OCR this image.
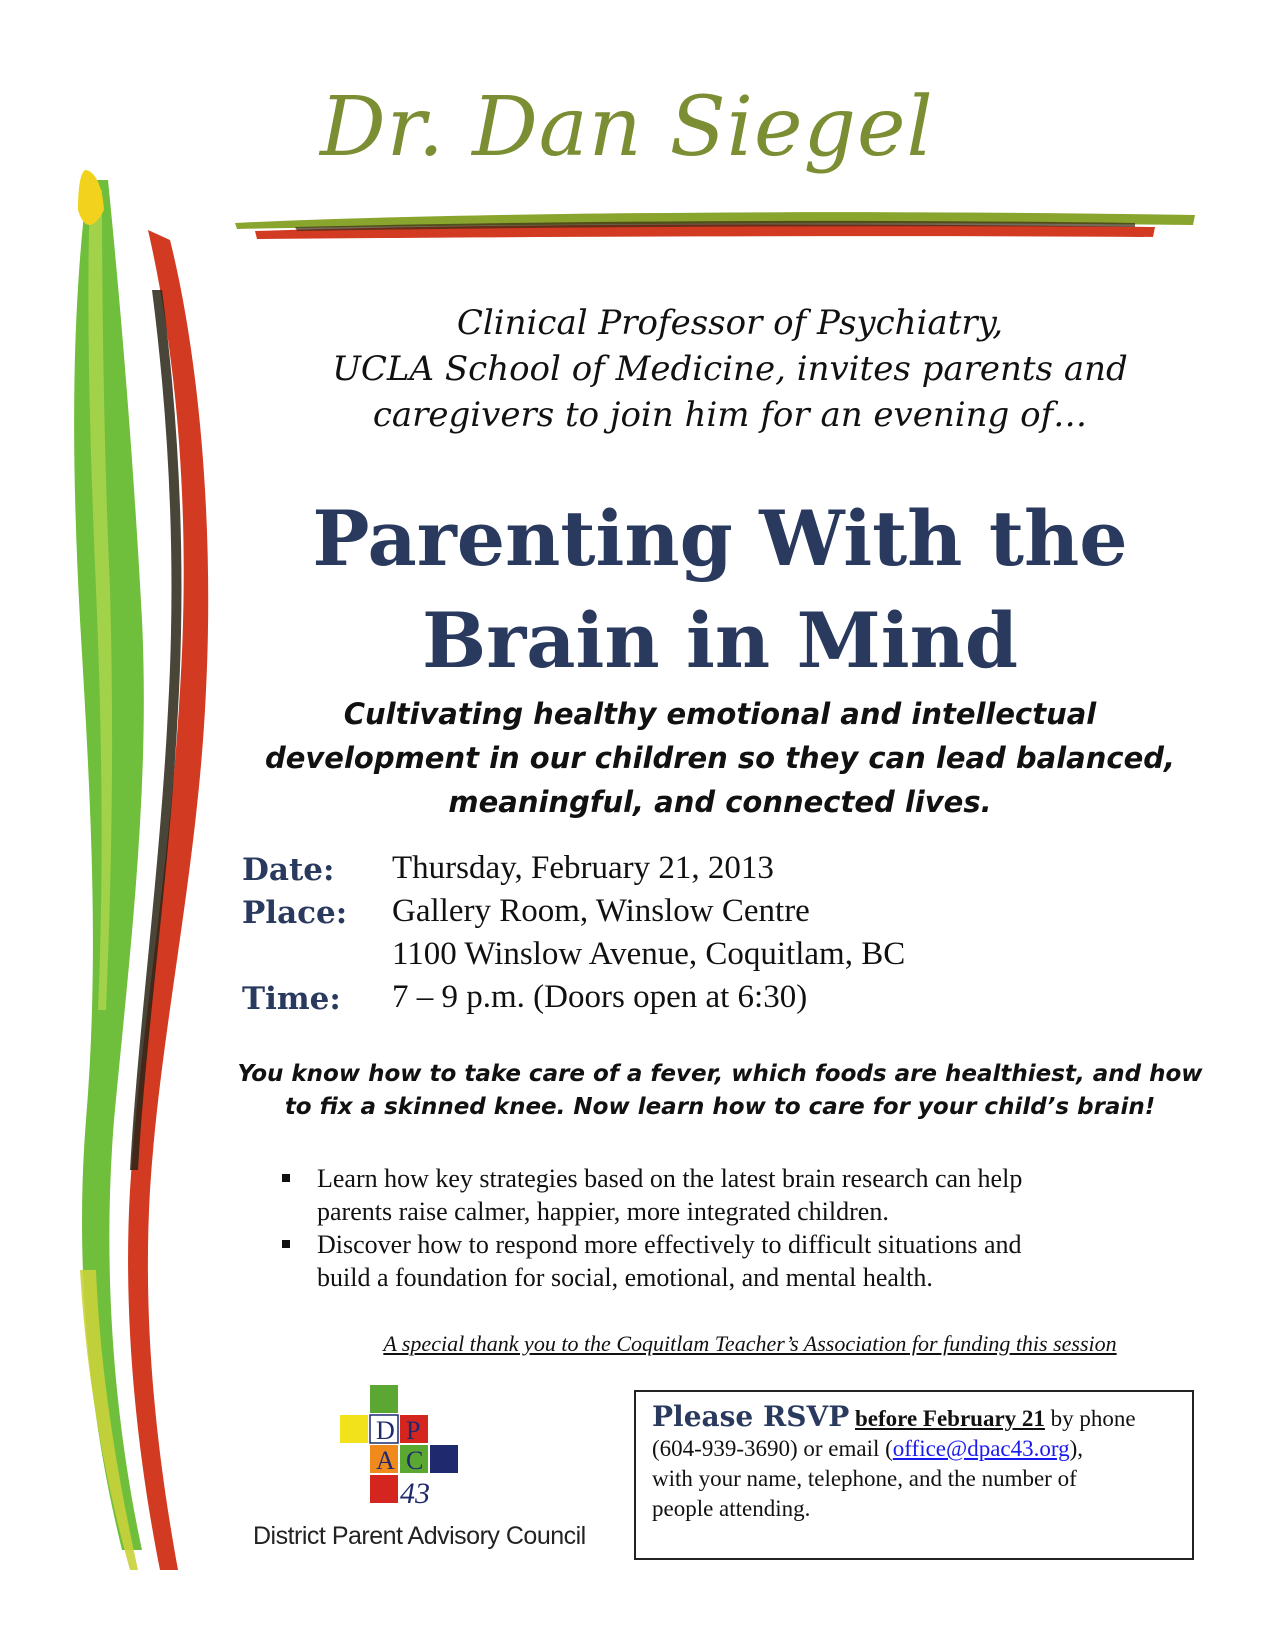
Dr. Dan Siegel
Clinical Professor of Psychiatry,
UCLA School of Medicine, invites parents and
caregivers to join him for an evening of…
Parenting With the
Brain in Mind
Cultivating healthy emotional and intellectual
development in our children so they can lead balanced,
meaningful, and connected lives.
Date: Thursday, February 21, 2013
Place: Gallery Room, Winslow Centre
1100 Winslow Avenue, Coquitlam, BC
Time: 7 – 9 p.m. (Doors open at 6:30)
You know how to take care of a fever, which foods are healthiest, and how
to fix a skinned knee. Now learn how to care for your child’s brain!
Learn how key strategies based on the latest brain research can help
parents raise calmer, happier, more integrated children.
Discover how to respond more effectively to difficult situations and
build a foundation for social, emotional, and mental health.
A special thank you to the Coquitlam Teacher’s Association for funding this session
D P
A C
43
District Parent Advisory Council
Please RSVP before February 21 by phone
(604-939-3690) or email (office@dpac43.org),
with your name, telephone, and the number of
people attending.
